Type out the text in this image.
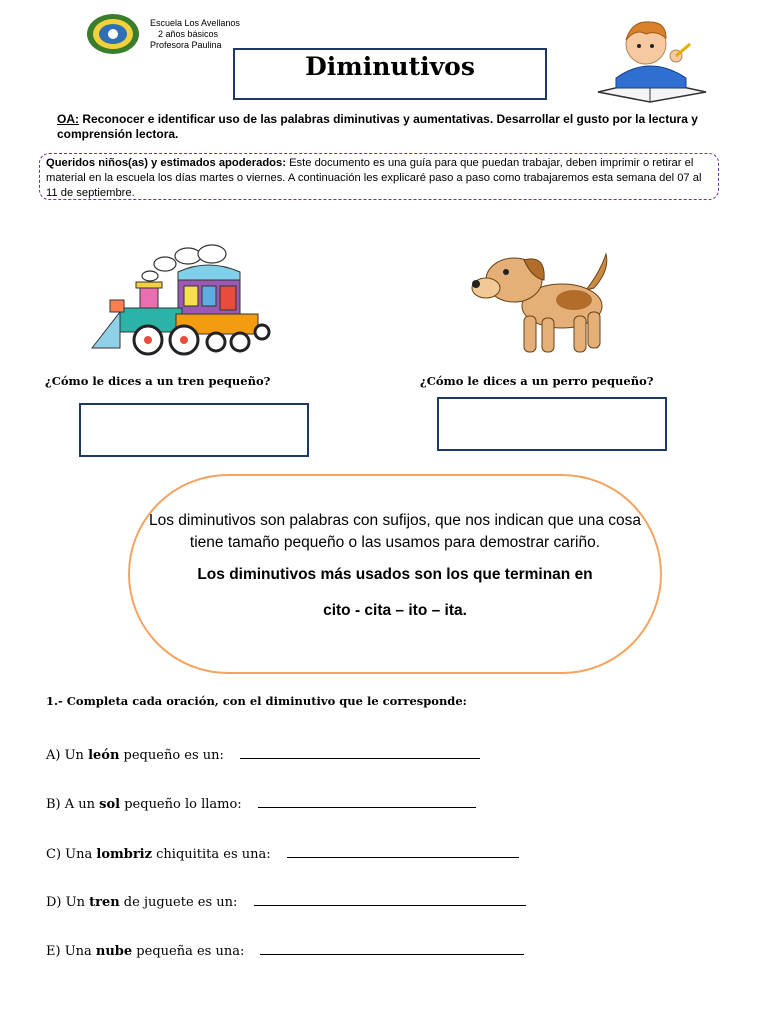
Escuela Los Avellanos
2 años básicos
Profesora Paulina
Diminutivos
OA: Reconocer e identificar uso de las palabras diminutivas y aumentativas. Desarrollar el gusto por la lectura y comprensión lectora.
Queridos niños(as) y estimados apoderados: Este documento es una guía para que puedan trabajar, deben imprimir o retirar el material en la escuela los días martes o viernes. A continuación les explicaré paso a paso como trabajaremos esta semana del 07 al 11 de septiembre.
¿Cómo le dices a un tren pequeño?	¿Cómo le dices a un perro pequeño?

Los diminutivos son palabras con sufijos, que nos indican que una cosa tiene tamaño pequeño o las usamos para demostrar cariño.

Los diminutivos más usados son los que terminan en

cito - cita – ito – ita.

1.- Completa cada oración, con el diminutivo que le corresponde:
A) Un león pequeño es un:
B) A un sol pequeño lo llamo:
C) Una lombriz chiquitita es una:
D) Un tren de juguete es un:
E) Una nube pequeña es una:
